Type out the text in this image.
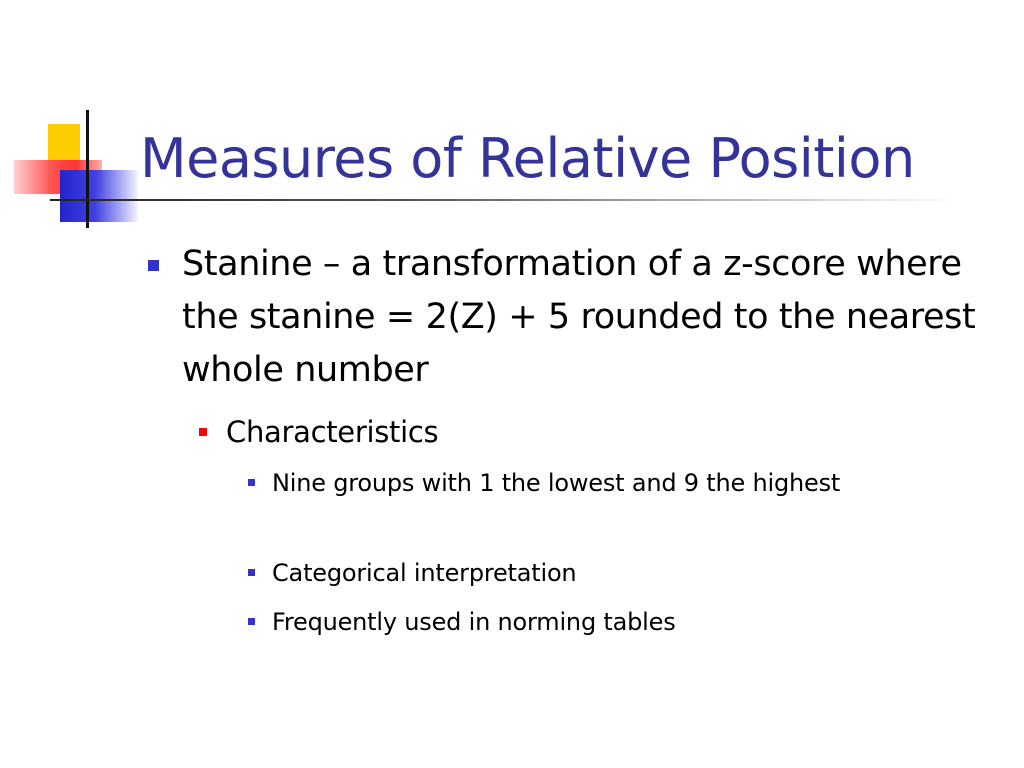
Measures of Relative Position

Stanine – a transformation of a z-score where the stanine = 2(Z) + 5 rounded to the nearest whole number

Characteristics

Nine groups with 1 the lowest and 9 the highest

Categorical interpretation

Frequently used in norming tables
